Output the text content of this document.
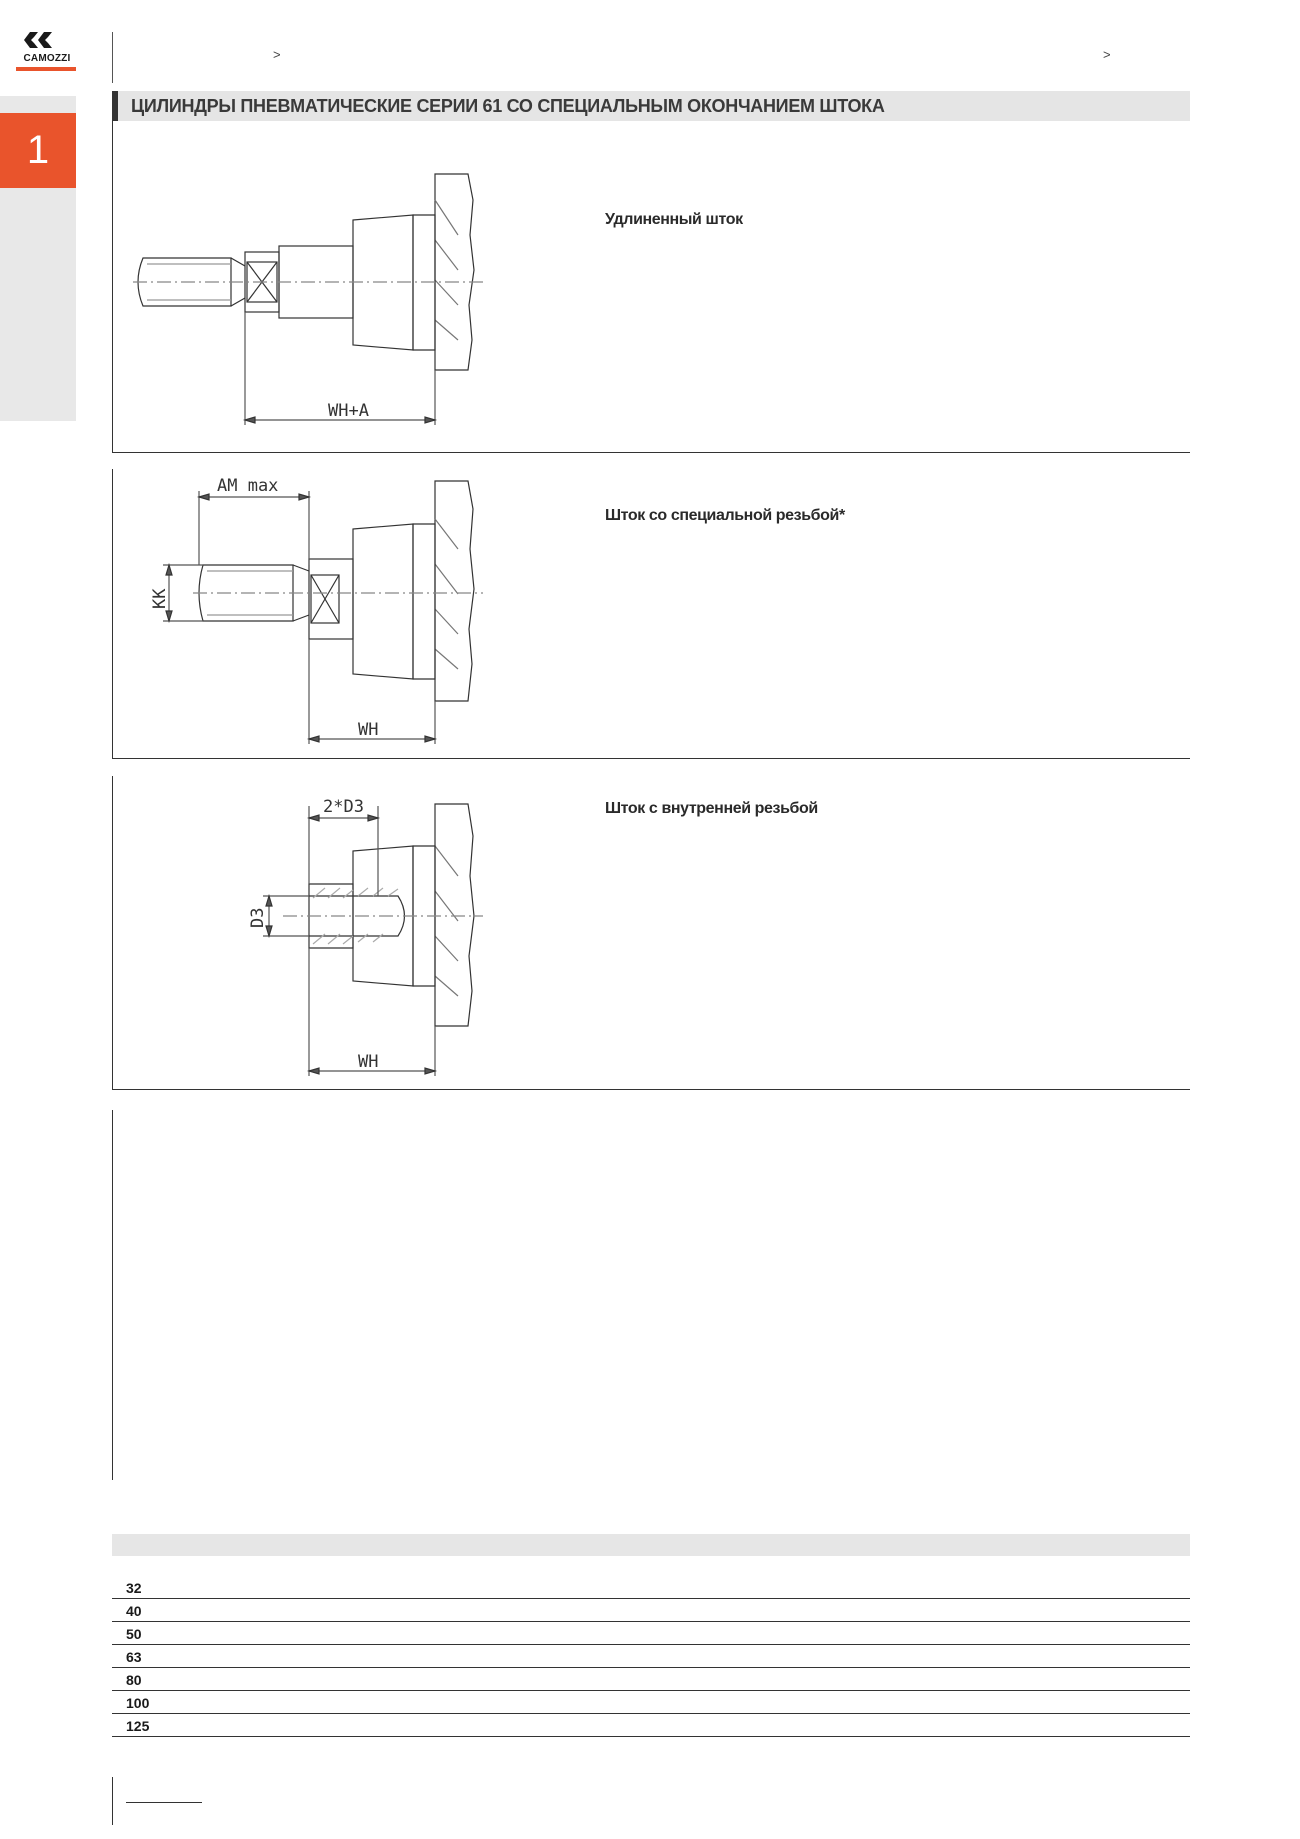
CAMOZZI
1
>	>
ЦИЛИНДРЫ ПНЕВМАТИЧЕСКИЕ СЕРИИ 61 СО СПЕЦИАЛЬНЫМ ОКОНЧАНИЕМ ШТОКА
Удлиненный шток
WH+A
Шток со специальной резьбой*
AM max
KK
WH
Шток с внутренней резьбой
2*D3
D3
WH
32
40
50
63
80
100
125
